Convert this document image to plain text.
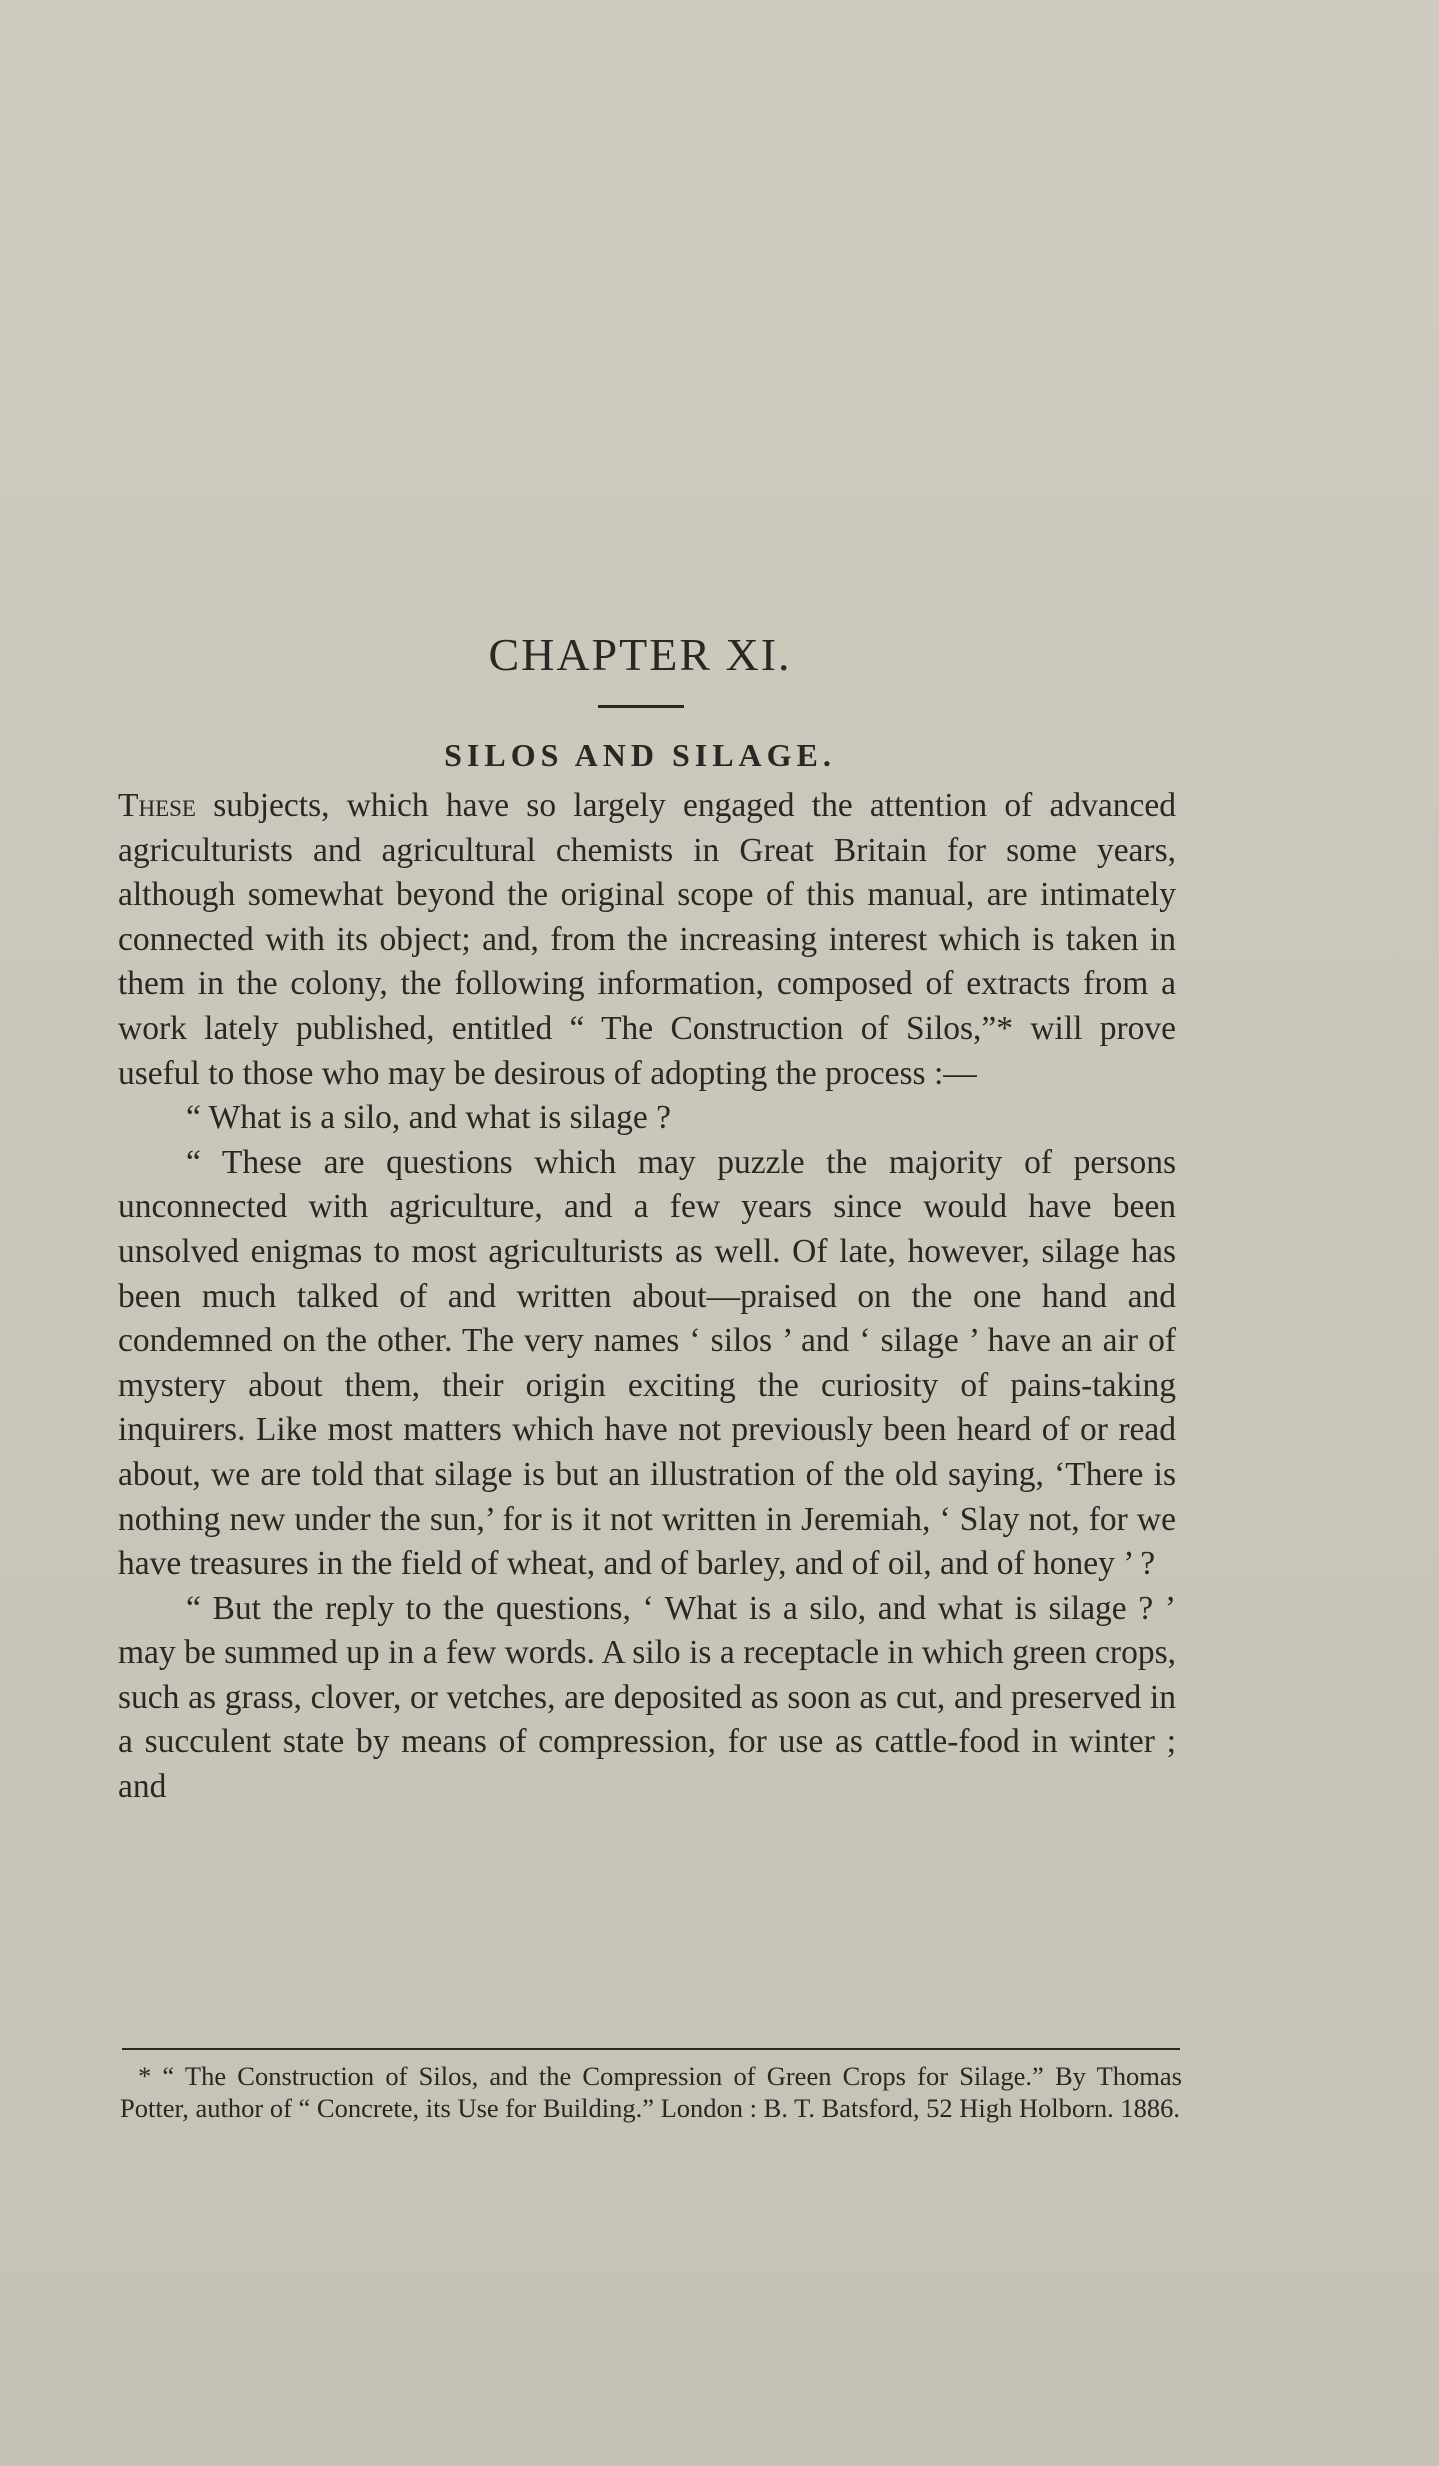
CHAPTER XI.
SILOS AND SILAGE.

These subjects, which have so largely engaged the attention of advanced agriculturists and agricultural chemists in Great Britain for some years, although somewhat beyond the original scope of this manual, are intimately connected with its object; and, from the increasing interest which is taken in them in the colony, the following information, composed of extracts from a work lately published, entitled “ The Construction of Silos,”* will prove useful to those who may be desirous of adopting the process :—

“ What is a silo, and what is silage ?

“ These are questions which may puzzle the majority of persons unconnected with agriculture, and a few years since would have been unsolved enigmas to most agriculturists as well. Of late, however, silage has been much talked of and written about—praised on the one hand and condemned on the other. The very names ‘ silos ’ and ‘ silage ’ have an air of mystery about them, their origin exciting the curiosity of pains-taking inquirers. Like most matters which have not previously been heard of or read about, we are told that silage is but an illustration of the old saying, ‘There is nothing new under the sun,’ for is it not written in Jeremiah, ‘ Slay not, for we have treasures in the field of wheat, and of barley, and of oil, and of honey ’ ?

“ But the reply to the questions, ‘ What is a silo, and what is silage ? ’ may be summed up in a few words. A silo is a receptacle in which green crops, such as grass, clover, or vetches, are deposited as soon as cut, and preserved in a succulent state by means of compression, for use as cattle-food in winter ; and

* “ The Construction of Silos, and the Compression of Green Crops for Silage.” By Thomas Potter, author of “ Concrete, its Use for Building.” London : B. T. Batsford, 52 High Holborn. 1886.
